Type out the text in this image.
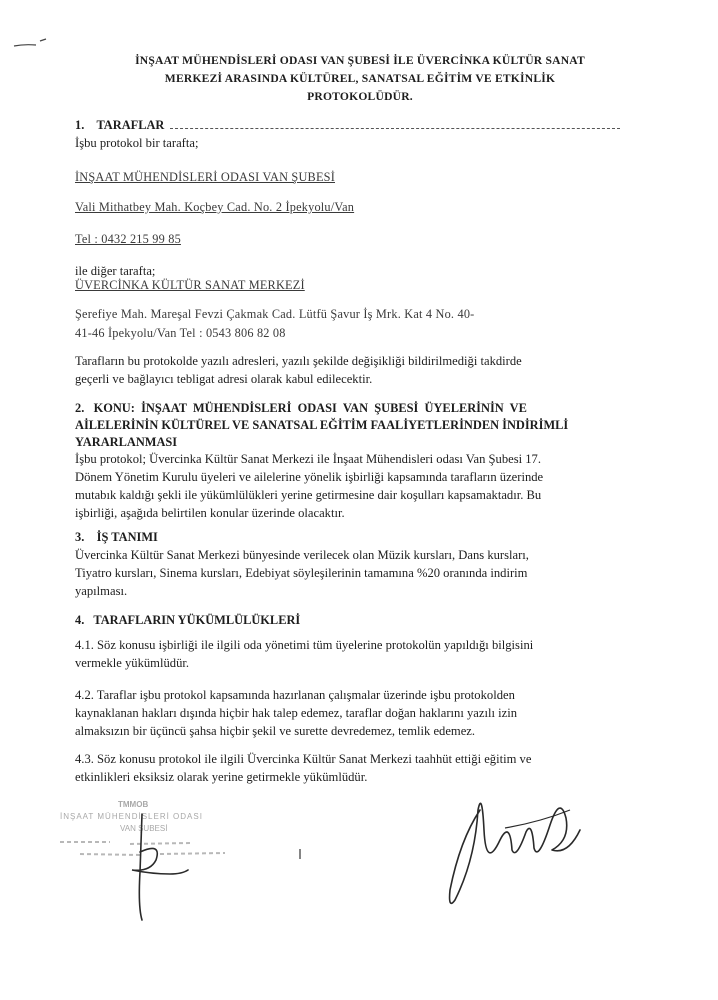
İNŞAAT MÜHENDİSLERİ ODASI VAN ŞUBESİ İLE ÜVERCİNKA KÜLTÜR SANAT
MERKEZİ ARASINDA KÜLTÜREL, SANATSAL EĞİTİM VE ETKİNLİK
PROTOKOLÜDÜR.
1.    TARAFLAR
İşbu protokol bir tarafta;
İNŞAAT MÜHENDİSLERİ ODASI VAN ŞUBESİ
Vali Mithatbey Mah. Koçbey Cad. No. 2 İpekyolu/Van
Tel : 0432 215 99 85
ile diğer tarafta;
ÜVERCİNKA KÜLTÜR SANAT MERKEZİ
Şerefiye Mah. Mareşal Fevzi Çakmak Cad. Lütfü Şavur İş Mrk. Kat 4 No. 40-
41-46 İpekyolu/Van Tel : 0543 806 82 08
Tarafların bu protokolde yazılı adresleri, yazılı şekilde değişikliği bildirilmediği takdirde
geçerli ve bağlayıcı tebligat adresi olarak kabul edilecektir.
2.   KONU:  İNŞAAT  MÜHENDİSLERİ  ODASI  VAN  ŞUBESİ  ÜYELERİNİN  VE
AİLELERİNİN KÜLTÜREL VE SANATSAL EĞİTİM FAALİYETLERİNDEN İNDİRİMLİ
YARARLANMASI
İşbu protokol; Üvercinka Kültür Sanat Merkezi ile İnşaat Mühendisleri odası Van Şubesi 17.
Dönem Yönetim Kurulu üyeleri ve ailelerine yönelik işbirliği kapsamında tarafların üzerinde
mutabık kaldığı şekli ile yükümlülükleri yerine getirmesine dair koşulları kapsamaktadır. Bu
işbirliği, aşağıda belirtilen konular üzerinde olacaktır.
3.    İŞ TANIMI
Üvercinka Kültür Sanat Merkezi bünyesinde verilecek olan Müzik kursları, Dans kursları,
Tiyatro kursları, Sinema kursları, Edebiyat söyleşilerinin tamamına %20 oranında indirim
yapılması.
4.   TARAFLARIN YÜKÜMLÜLÜKLERİ
4.1. Söz konusu işbirliği ile ilgili oda yönetimi tüm üyelerine protokolün yapıldığı bilgisini
vermekle yükümlüdür.
4.2. Taraflar işbu protokol kapsamında hazırlanan çalışmalar üzerinde işbu protokolden
kaynaklanan hakları dışında hiçbir hak talep edemez, taraflar doğan haklarını yazılı izin
almaksızın bir üçüncü şahsa hiçbir şekil ve surette devredemez, temlik edemez.
4.3. Söz konusu protokol ile ilgili Üvercinka Kültür Sanat Merkezi taahhüt ettiği eğitim ve
etkinlikleri eksiksiz olarak yerine getirmekle yükümlüdür.
TMMOB
İNŞAAT MÜHENDİSLERİ ODASI
VAN ŞUBESİ
